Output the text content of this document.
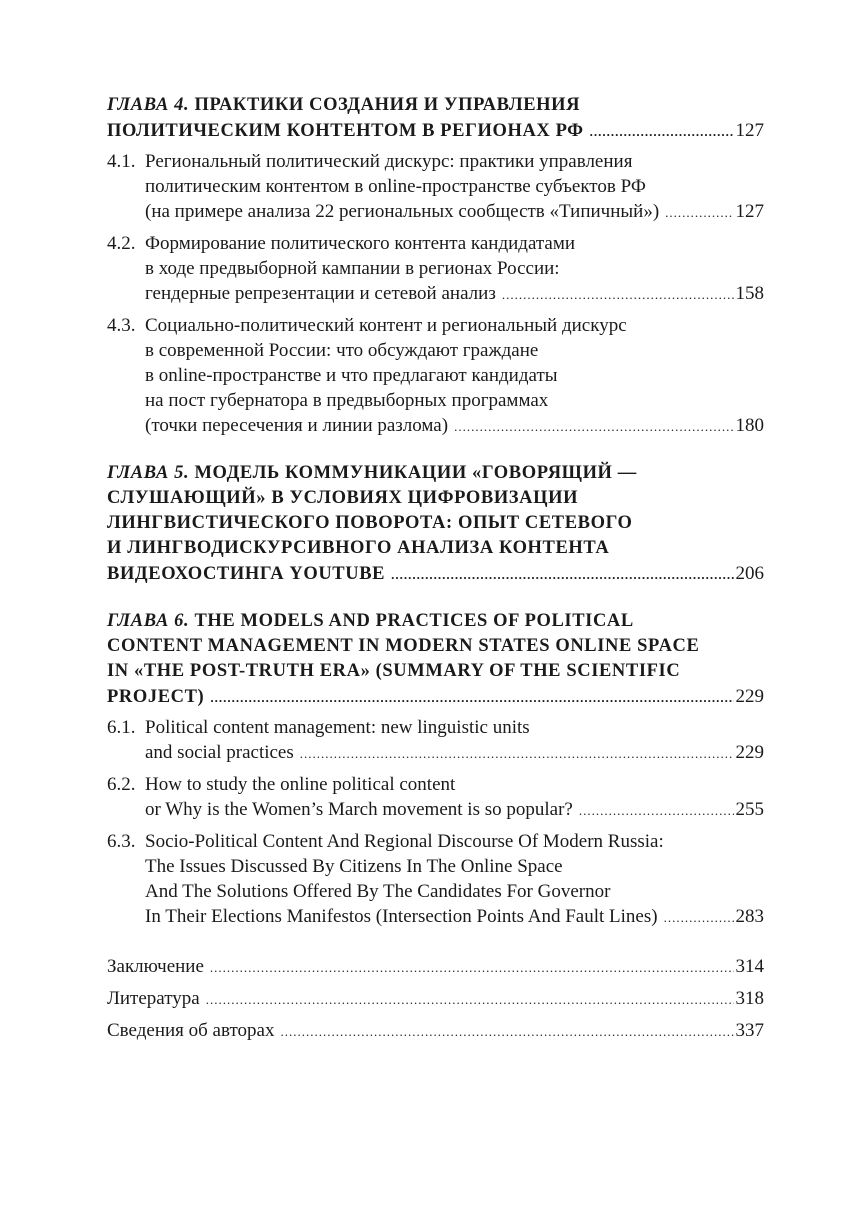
ГЛАВА 4. ПРАКТИКИ СОЗДАНИЯ И УПРАВЛЕНИЯ
ПОЛИТИЧЕСКИМ КОНТЕНТОМ В РЕГИОНАХ РФ .....	127
4.1. Региональный политический дискурс: практики управления
политическим контентом в online-пространстве субъектов РФ
(на примере анализа 22 региональных сообществ «Типичный») .....	127
4.2. Формирование политического контента кандидатами
в ходе предвыборной кампании в регионах России:
гендерные репрезентации и сетевой анализ .....	158
4.3. Социально-политический контент и региональный дискурс
в современной России: что обсуждают граждане
в online-пространстве и что предлагают кандидаты
на пост губернатора в предвыборных программах
(точки пересечения и линии разлома) .....	180
ГЛАВА 5. МОДЕЛЬ КОММУНИКАЦИИ «ГОВОРЯЩИЙ —
СЛУШАЮЩИЙ» В УСЛОВИЯХ ЦИФРОВИЗАЦИИ
ЛИНГВИСТИЧЕСКОГО ПОВОРОТА: ОПЫТ СЕТЕВОГО
И ЛИНГВОДИСКУРСИВНОГО АНАЛИЗА КОНТЕНТА
ВИДЕОХОСТИНГА YOUTUBE .....	206
ГЛАВА 6. THE MODELS AND PRACTICES OF POLITICAL
CONTENT MANAGEMENT IN MODERN STATES ONLINE SPACE
IN «THE POST-TRUTH ERA» (SUMMARY OF THE SCIENTIFIC
PROJECT) .....	229
6.1. Political content management: new linguistic units
and social practices .....	229
6.2. How to study the online political content
or Why is the Women’s March movement is so popular? .....	255
6.3. Socio-Political Content And Regional Discourse Of Modern Russia:
The Issues Discussed By Citizens In The Online Space
And The Solutions Offered By The Candidates For Governor
In Their Elections Manifestos (Intersection Points And Fault Lines) .....	283
Заключение .....	314
Литература .....	318
Сведения об авторах .....	337
